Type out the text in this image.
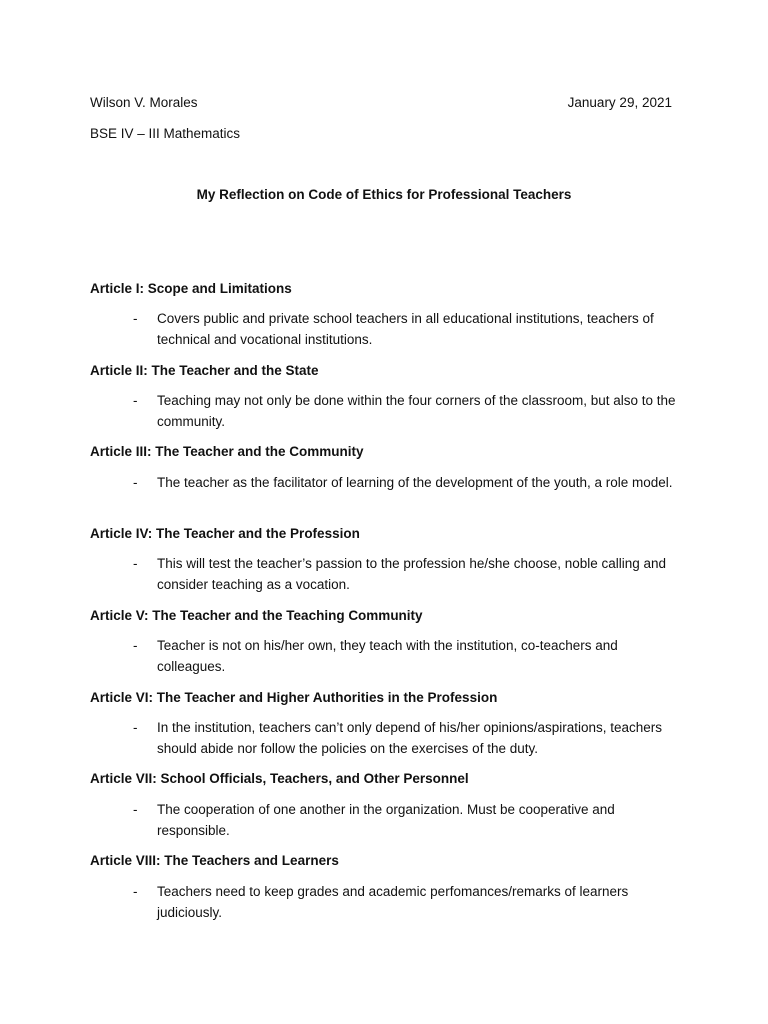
Wilson V. Morales	January 29, 2021
BSE IV – III Mathematics
My Reflection on Code of Ethics for Professional Teachers
Article I: Scope and Limitations
- Covers public and private school teachers in all educational institutions, teachers of technical and vocational institutions.
Article II: The Teacher and the State
- Teaching may not only be done within the four corners of the classroom, but also to the community.
Article III: The Teacher and the Community
- The teacher as the facilitator of learning of the development of the youth, a role model.
Article IV: The Teacher and the Profession
- This will test the teacher’s passion to the profession he/she choose, noble calling and consider teaching as a vocation.
Article V: The Teacher and the Teaching Community
- Teacher is not on his/her own, they teach with the institution, co-teachers and colleagues.
Article VI: The Teacher and Higher Authorities in the Profession
- In the institution, teachers can’t only depend of his/her opinions/aspirations, teachers should abide nor follow the policies on the exercises of the duty.
Article VII: School Officials, Teachers, and Other Personnel
- The cooperation of one another in the organization. Must be cooperative and responsible.
Article VIII: The Teachers and Learners
- Teachers need to keep grades and academic perfomances/remarks of learners judiciously.
